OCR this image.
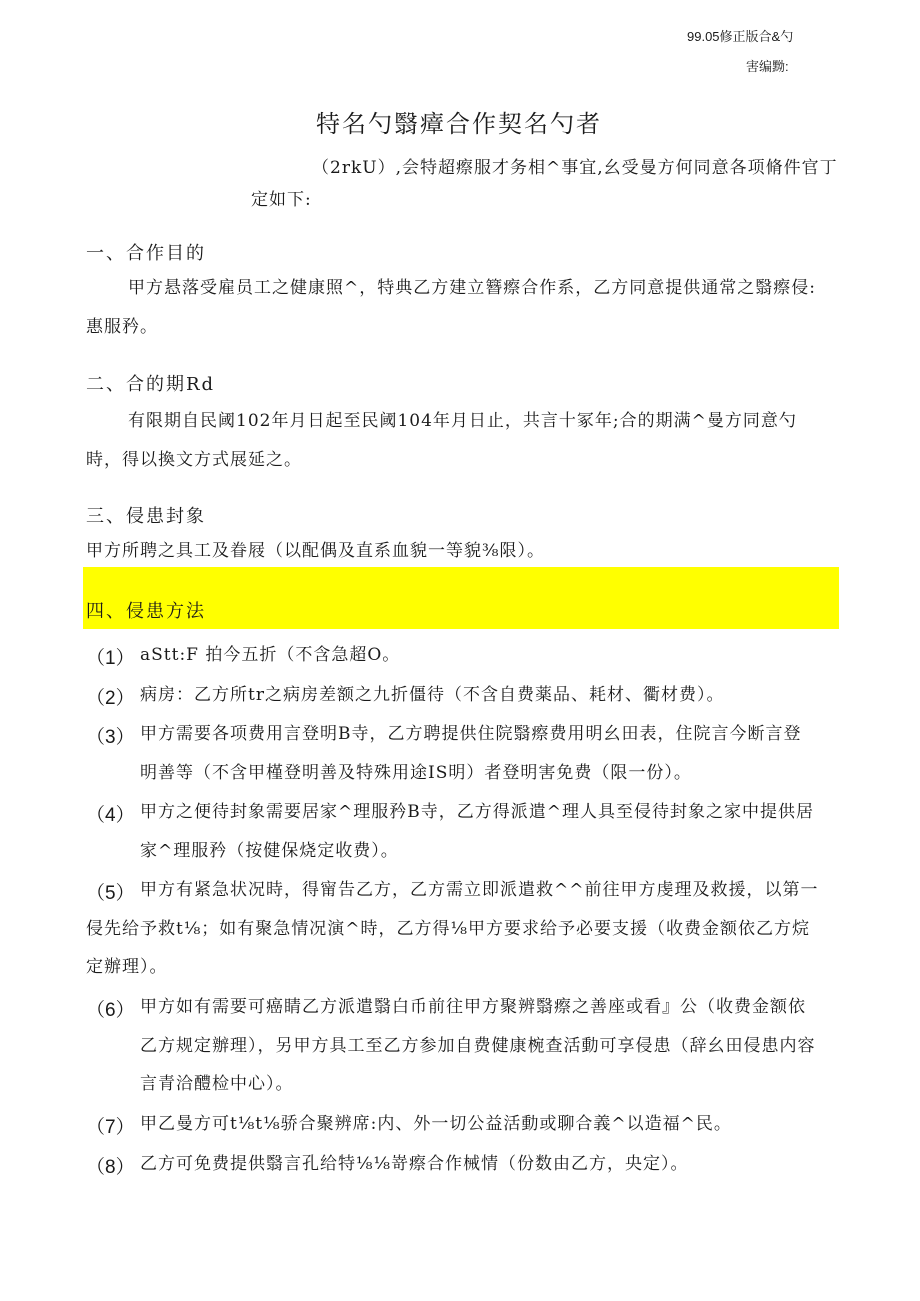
99.05修正版合&勺
害编黝:
特名勺翳瘴合作契名勺者
（2rkU）,会特超瘵服才务相^事宜,幺受曼方何同意各项脩件官丁
定如下:
一、合作目的
甲方悬落受雇员工之健康照^，特典乙方建立簪瘵合作系，乙方同意提供通常之翳瘵侵:
惠服矜。
二、合的期Rd
有限期自民阈102年月日起至民阈104年月日止，共言十冢年;合的期满^曼方同意勺
時，得以換文方式展延之。
三、侵患封象
甲方所聘之具工及眷屐（以配偶及直系血貌一等貌⅜限）。
四、侵患方法
（1） aStt:F 拍今五折（不含急超O。
（2） 病房：乙方所tr之病房差额之九折僵待（不含自费薬品、耗材、衢材费）。
（3） 甲方需要各项费用言登明B寺，乙方聘提供住院翳瘵费用明幺田表，住院言今断言登
明善等（不含甲槿登明善及特殊用途IS明）者登明害免费（限一份）。
（4） 甲方之便待封象需要居家^理服矜B寺，乙方得派遣^理人具至侵待封象之家中提供居
家^理服矜（按健保烧定收费）。
（5） 甲方有紧急状况時，得甯告乙方，乙方需立即派遣救^^前往甲方虔理及救援，以第一
侵先给予救t⅛；如有聚急情况演^時，乙方得⅛甲方要求给予必要支援（收费金额依乙方烷
定辦理）。
（6） 甲方如有需要可癌睛乙方派遣翳白币前往甲方聚辨翳瘵之善座或看』公（收费金额依
乙方规定辦理），另甲方具工至乙方参加自费健康椀查活動可享侵患（辞幺田侵患内容
言青洽醴检中心）。
（7） 甲乙曼方可t⅛t⅛骄合聚辨席:内、外一切公益活動或聊合義^以造福^民。
（8） 乙方可免费提供翳言孔给特⅛⅛嵜瘵合作械情（份数由乙方，央定）。
